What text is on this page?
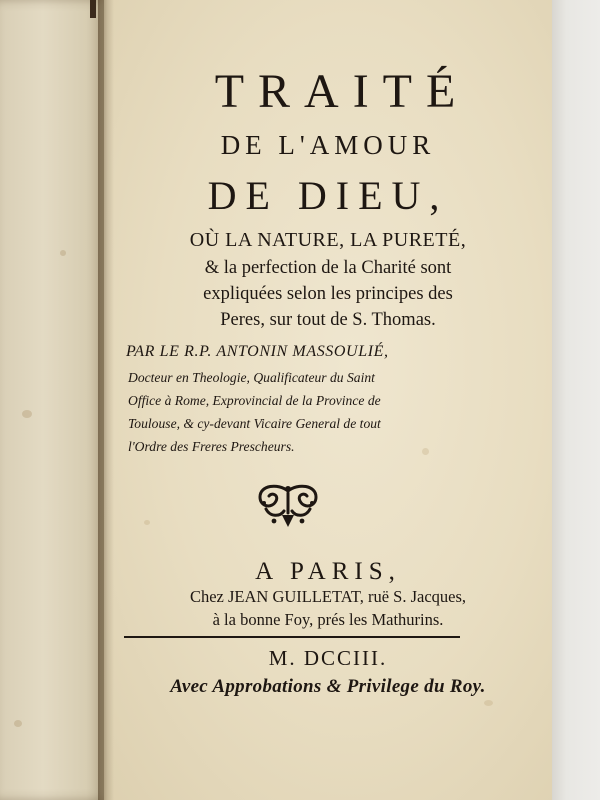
TRAITÉ
DE L'AMOUR
DE DIEU,
OÙ LA NATURE, LA PURETÉ,
& la perfection de la Charité sont
expliquées selon les principes des
Peres, sur tout de S. Thomas.
PAR LE R.P. ANTONIN MASSOULIÉ,
Docteur en Theologie, Qualificateur du Saint
Office à Rome, Exprovincial de la Province de
Toulouse, & cy-devant Vicaire General de tout
l'Ordre des Freres Prescheurs.
A PARIS,
Chez JEAN GUILLETAT, ruë S. Jacques,
à la bonne Foy, prés les Mathurins.
M. DCCIII.
Avec Approbations & Privilege du Roy.
